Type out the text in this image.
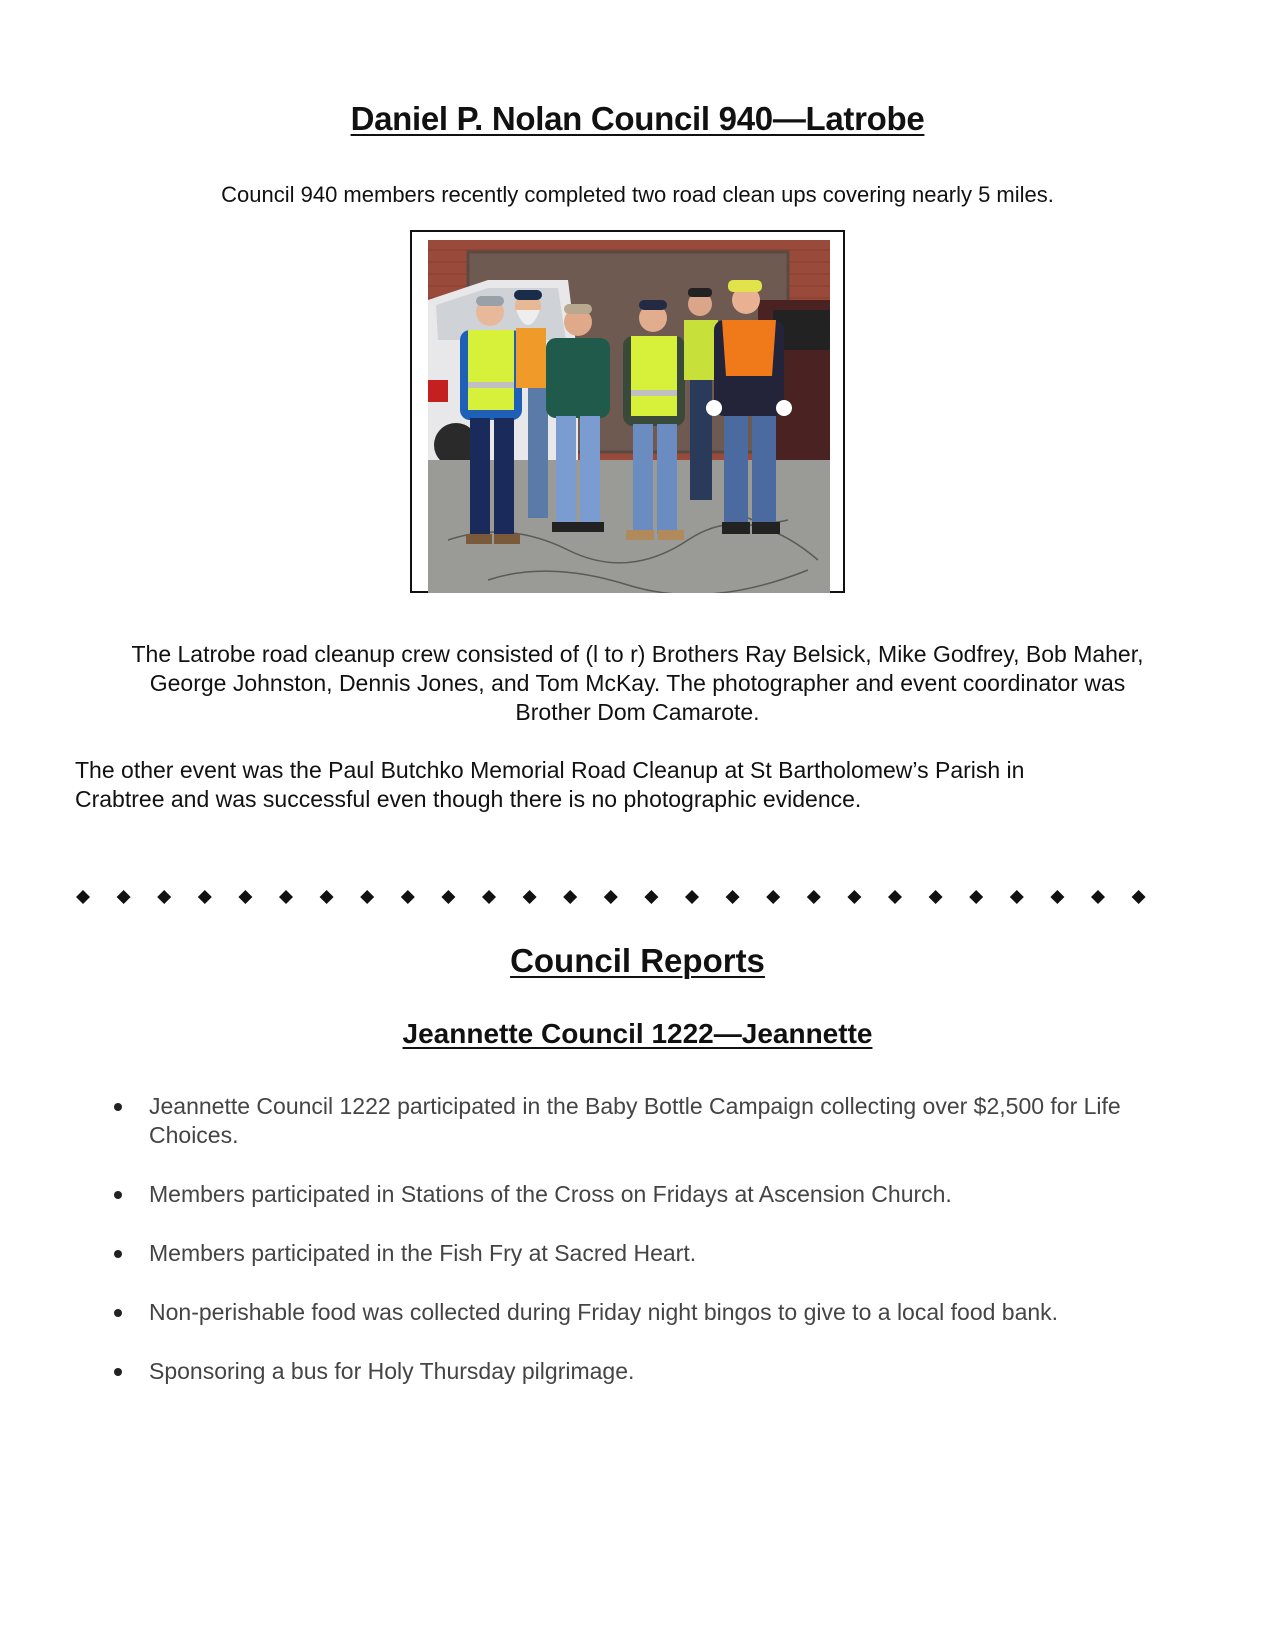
Daniel P. Nolan Council 940—Latrobe
Council 940 members recently completed two road clean ups covering nearly 5 miles.
The Latrobe road cleanup crew consisted of (l to r) Brothers Ray Belsick, Mike Godfrey, Bob Maher,
George Johnston, Dennis Jones, and Tom McKay. The photographer and event coordinator was
Brother Dom Camarote.
The other event was the Paul Butchko Memorial Road Cleanup at St Bartholomew’s Parish in
Crabtree and was successful even though there is no photographic evidence.
Council Reports
Jeannette Council 1222—Jeannette
Jeannette Council 1222 participated in the Baby Bottle Campaign collecting over $2,500 for Life Choices.
Members participated in Stations of the Cross on Fridays at Ascension Church.
Members participated in the Fish Fry at Sacred Heart.
Non-perishable food was collected during Friday night bingos to give to a local food bank.
Sponsoring a bus for Holy Thursday pilgrimage.
